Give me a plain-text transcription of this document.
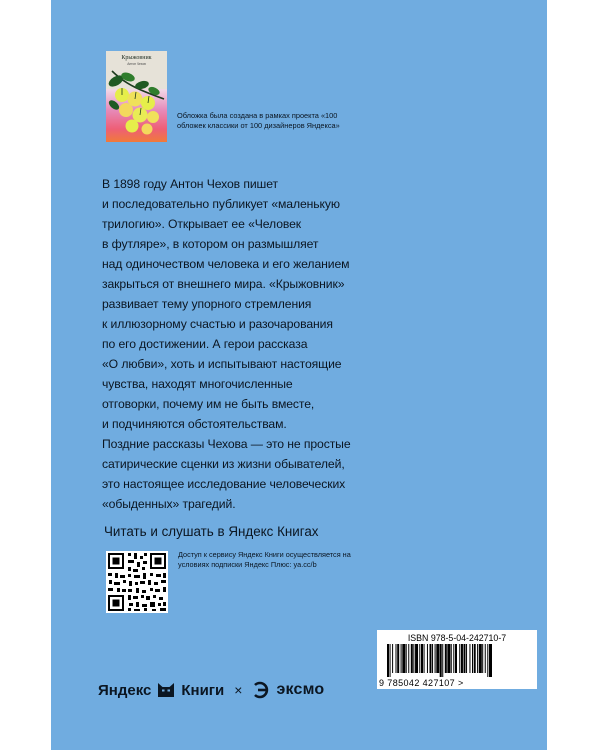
Крыжовник
Антон Чехов

Обложка была создана в рамках проекта «100 обложек классики от 100 дизайнеров Яндекса»

В 1898 году Антон Чехов пишет
и последовательно публикует «маленькую
трилогию». Открывает ее «Человек
в футляре», в котором он размышляет
над одиночеством человека и его желанием
закрыться от внешнего мира. «Крыжовник»
развивает тему упорного стремления
к иллюзорному счастью и разочарования
по его достижении. А герои рассказа
«О любви», хоть и испытывают настоящие
чувства, находят многочисленные
отговорки, почему им не быть вместе,
и подчиняются обстоятельствам.
Поздние рассказы Чехова — это не простые
сатирические сценки из жизни обывателей,
это настоящее исследование человеческих
«обыденных» трагедий.

Читать и слушать в Яндекс Книгах

Доступ к сервису Яндекс Книги осуществляется на условиях подписки Яндекс Плюс: ya.cc/b

ISBN 978-5-04-242710-7
9 785042 427107 >
Яндекс Книги × эксмо
